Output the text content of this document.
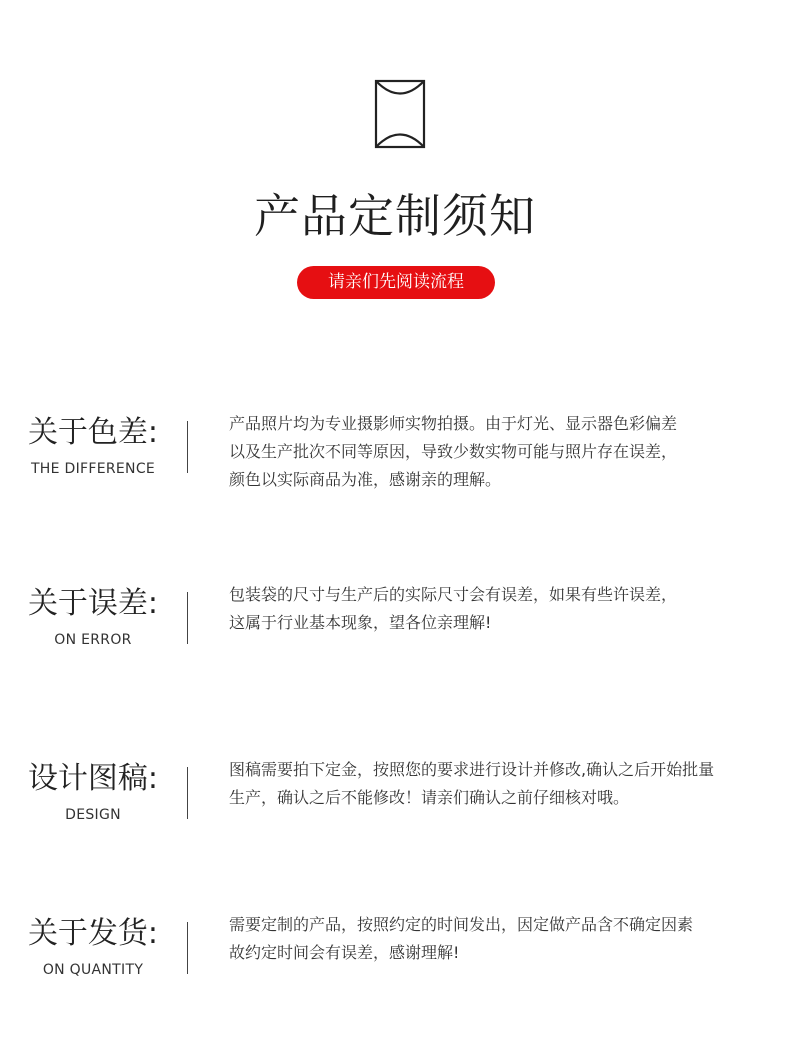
产品定制须知
请亲们先阅读流程
关于色差:
THE DIFFERENCE
产品照片均为专业摄影师实物拍摄。由于灯光、显示器色彩偏差
以及生产批次不同等原因，导致少数实物可能与照片存在误差，
颜色以实际商品为准，感谢亲的理解。
关于误差:
ON ERROR
包装袋的尺寸与生产后的实际尺寸会有误差，如果有些许误差，
这属于行业基本现象，望各位亲理解!
设计图稿:
DESIGN
图稿需要拍下定金，按照您的要求进行设计并修改,确认之后开始批量
生产，确认之后不能修改！请亲们确认之前仔细核对哦。
关于发货:
ON QUANTITY
需要定制的产品，按照约定的时间发出，因定做产品含不确定因素
故约定时间会有误差，感谢理解!
